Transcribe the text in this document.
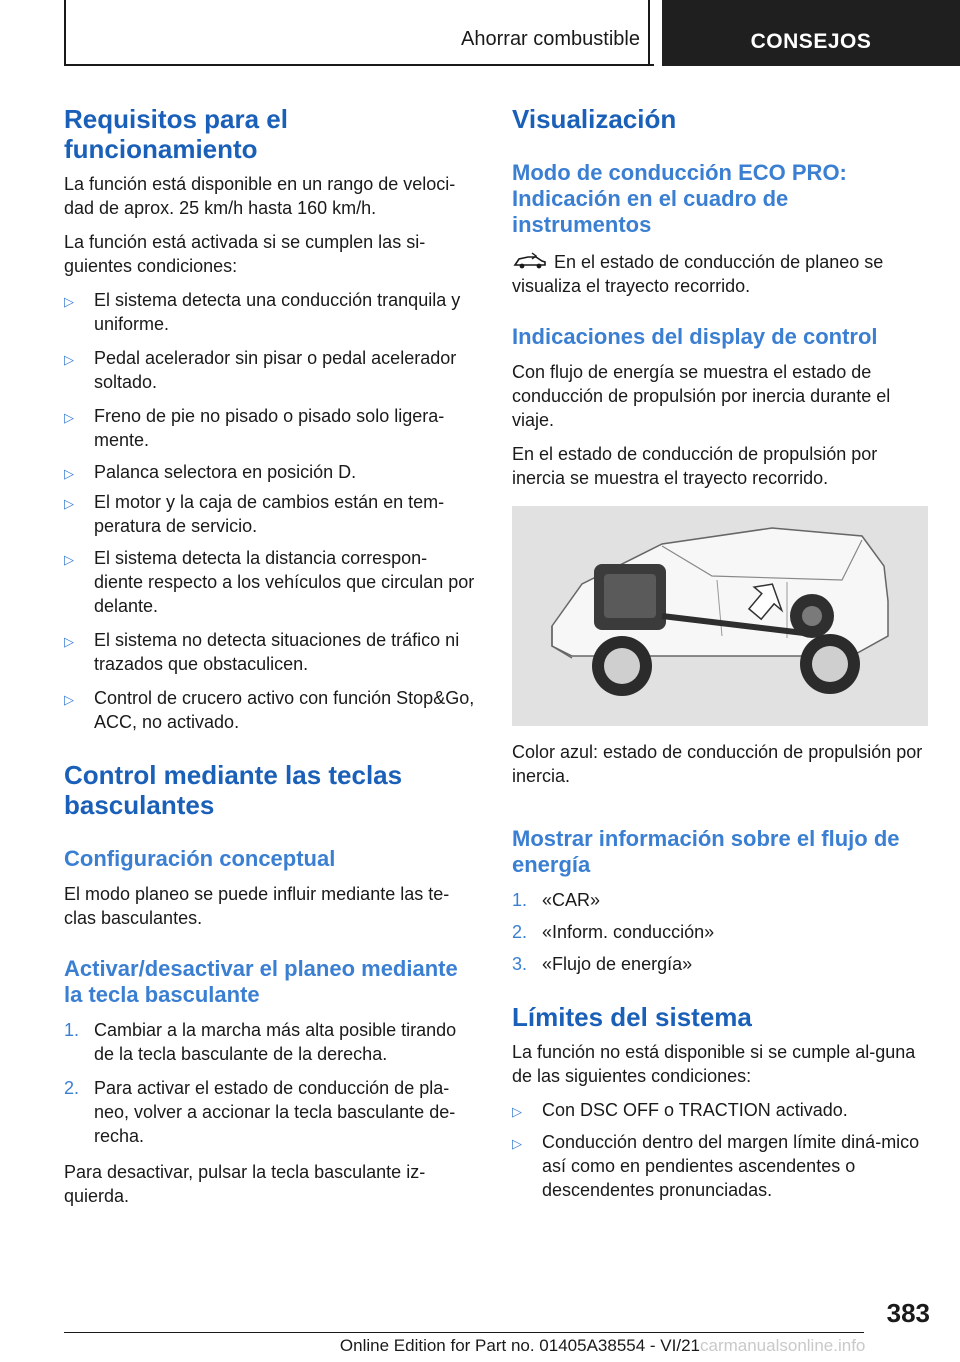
Ahorrar combustible	CONSEJOS
Requisitos para el funcionamiento

La función está disponible en un rango de veloci-dad de aprox. 25 km/h hasta 160 km/h.

La función está activada si se cumplen las si-guientes condiciones:

▷	El sistema detecta una conducción tranquila y uniforme.
▷	Pedal acelerador sin pisar o pedal acelerador soltado.
▷	Freno de pie no pisado o pisado solo ligera-mente.
▷	Palanca selectora en posición D.
▷	El motor y la caja de cambios están en tem-peratura de servicio.
▷	El sistema detecta la distancia correspon-diente respecto a los vehículos que circulan por delante.
▷	El sistema no detecta situaciones de tráfico ni trazados que obstaculicen.
▷	Control de crucero activo con función Stop&Go, ACC, no activado.
Control mediante las teclas basculantes
Configuración conceptual

El modo planeo se puede influir mediante las te-clas basculantes.

Activar/desactivar el planeo mediante la tecla basculante
1. Cambiar a la marcha más alta posible tirando de la tecla basculante de la derecha.
2. Para activar el estado de conducción de pla-neo, volver a accionar la tecla basculante de-recha.

Para desactivar, pulsar la tecla basculante iz-quierda.

Visualización
Modo de conducción ECO PRO: Indicación en el cuadro de instrumentos

En el estado de conducción de planeo se visualiza el trayecto recorrido.

Indicaciones del display de control

Con flujo de energía se muestra el estado de conducción de propulsión por inercia durante el viaje.

En el estado de conducción de propulsión por inercia se muestra el trayecto recorrido.

Color azul: estado de conducción de propulsión por inercia.

Mostrar información sobre el flujo de energía
1. «CAR»
2. «Inform. conducción»
3. «Flujo de energía»
Límites del sistema

La función no está disponible si se cumple al-guna de las siguientes condiciones:

▷	Con DSC OFF o TRACTION activado.
▷	Conducción dentro del margen límite diná-mico así como en pendientes ascendentes o descendentes pronunciadas.
383
Online Edition for Part no. 01405A38554 - VI/21 carmanualsonline.info
